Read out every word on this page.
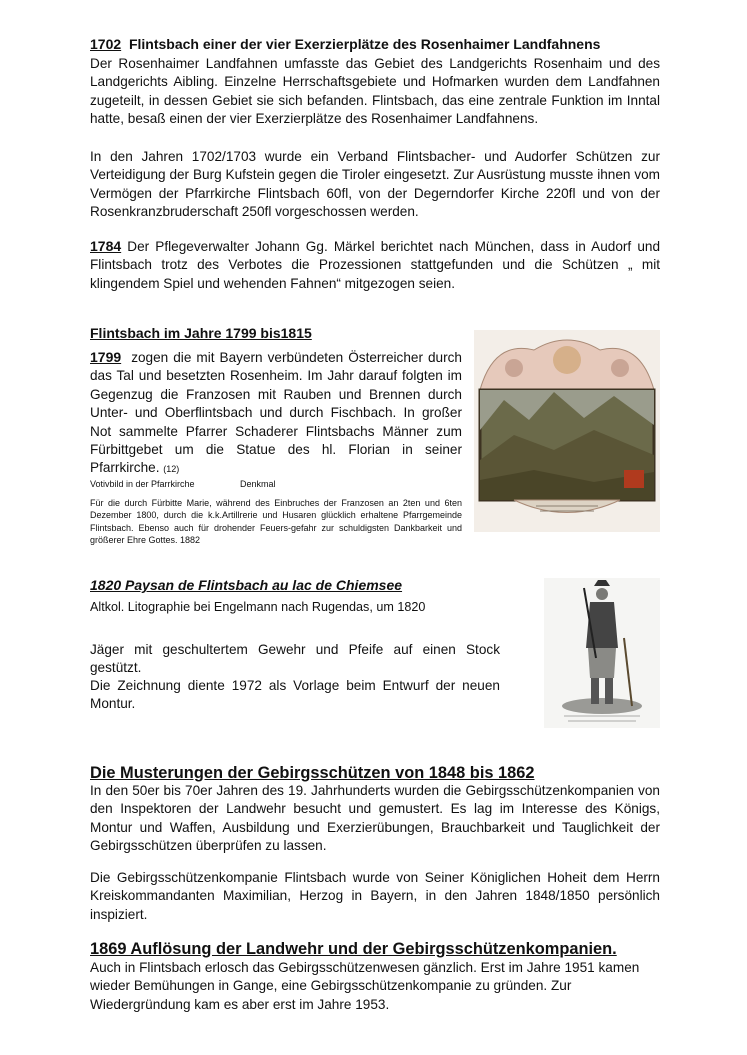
1702 Flintsbach einer der vier Exerzierplätze des Rosenhaimer Landfahnens
Der Rosenhaimer Landfahnen umfasste das Gebiet des Landgerichts Rosenhaim und des Landgerichts Aibling. Einzelne Herrschaftsgebiete und Hofmarken wurden dem Landfahnen zugeteilt, in dessen Gebiet sie sich befanden. Flintsbach, das eine zentrale Funktion im Inntal hatte, besaß einen der vier Exerzierplätze des Rosenhaimer Landfahnens.
In den Jahren 1702/1703 wurde ein Verband Flintsbacher- und Audorfer Schützen zur Verteidigung der Burg Kufstein gegen die Tiroler eingesetzt. Zur Ausrüstung musste ihnen vom Vermögen der Pfarrkirche Flintsbach 60fl, von der Degerndorfer Kirche 220fl und von der Rosenkranzbruderschaft 250fl vorgeschossen werden.
1784 Der Pflegeverwalter Johann Gg. Märkel berichtet nach München, dass in Audorf und Flintsbach trotz des Verbotes die Prozessionen stattgefunden und die Schützen „ mit klingendem Spiel und wehenden Fahnen“ mitgezogen seien.
Flintsbach im Jahre 1799 bis1815
1799 zogen die mit Bayern verbündeten Österreicher durch das Tal und besetzten Rosenheim. Im Jahr darauf folgten im Gegenzug die Franzosen mit Rauben und Brennen durch Unter- und Oberflintsbach und durch Fischbach. In großer Not sammelte Pfarrer Schaderer Flintsbachs Männer zum Fürbittgebet um die Statue des hl. Florian in seiner Pfarrkirche. (12)
Votivbild in der Pfarrkirche	Denkmal
Für die durch Fürbitte Marie, während des Einbruches der Franzosen an 2ten und 6ten Dezember 1800, durch die k.k.Artillrerie und Husaren glücklich erhaltene Pfarrgemeinde Flintsbach. Ebenso auch für drohender Feuers-gefahr zur schuldigsten Dankbarkeit und größerer Ehre Gottes. 1882
1820 Paysan de Flintsbach au lac de Chiemsee
Altkol. Litographie bei Engelmann nach Rugendas, um 1820
Jäger mit geschultertem Gewehr und Pfeife auf einen Stock gestützt.
Die Zeichnung diente 1972 als Vorlage beim Entwurf der neuen Montur.
Die Musterungen der Gebirgsschützen von 1848 bis 1862
In den 50er bis 70er Jahren des 19. Jahrhunderts wurden die Gebirgsschützenkompanien von den Inspektoren der Landwehr besucht und gemustert. Es lag im Interesse des Königs, Montur und Waffen, Ausbildung und Exerzierübungen, Brauchbarkeit und Tauglichkeit der Gebirgsschützen überprüfen zu lassen.
Die Gebirgsschützenkompanie Flintsbach wurde von Seiner Königlichen Hoheit dem Herrn Kreiskommandanten Maximilian, Herzog in Bayern, in den Jahren 1848/1850 persönlich inspiziert.
1869 Auflösung der Landwehr und der Gebirgsschützenkompanien.
Auch in Flintsbach erlosch das Gebirgsschützenwesen gänzlich. Erst im Jahre 1951 kamen wieder Bemühungen in Gange, eine Gebirgsschützenkompanie zu gründen. Zur Wiedergründung kam es aber erst im Jahre 1953.
